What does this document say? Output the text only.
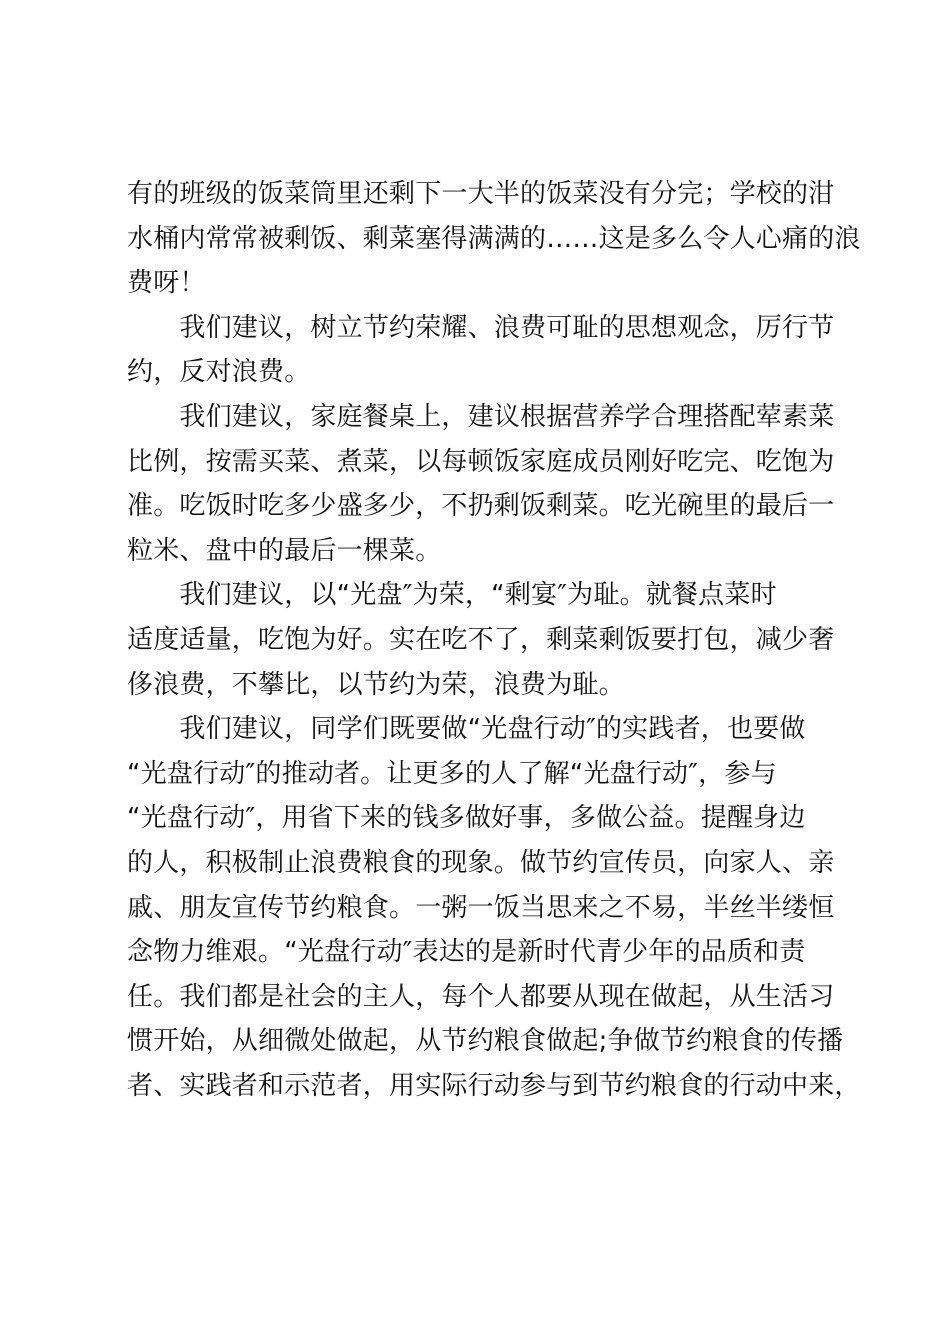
有的班级的饭菜筒里还剩下一大半的饭菜没有分完；学校的泔
水桶内常常被剩饭、剩菜塞得满满的……这是多么令人心痛的浪
费呀！
　　我们建议，树立节约荣耀、浪费可耻的思想观念，厉行节
约，反对浪费。
　　我们建议，家庭餐桌上，建议根据营养学合理搭配荤素菜
比例，按需买菜、煮菜，以每顿饭家庭成员刚好吃完、吃饱为
准。吃饭时吃多少盛多少，不扔剩饭剩菜。吃光碗里的最后一
粒米、盘中的最后一棵菜。
　　我们建议，以“光盘″为荣，“剩宴″为耻。就餐点菜时
适度适量，吃饱为好。实在吃不了，剩菜剩饭要打包，减少奢
侈浪费，不攀比，以节约为荣，浪费为耻。
　　我们建议，同学们既要做“光盘行动″的实践者，也要做
“光盘行动″的推动者。让更多的人了解“光盘行动″，参与
“光盘行动″，用省下来的钱多做好事，多做公益。提醒身边
的人，积极制止浪费粮食的现象。做节约宣传员，向家人、亲
戚、朋友宣传节约粮食。一粥一饭当思来之不易，半丝半缕恒
念物力维艰。“光盘行动″表达的是新时代青少年的品质和责
任。我们都是社会的主人，每个人都要从现在做起，从生活习
惯开始，从细微处做起，从节约粮食做起;争做节约粮食的传播
者、实践者和示范者，用实际行动参与到节约粮食的行动中来，
